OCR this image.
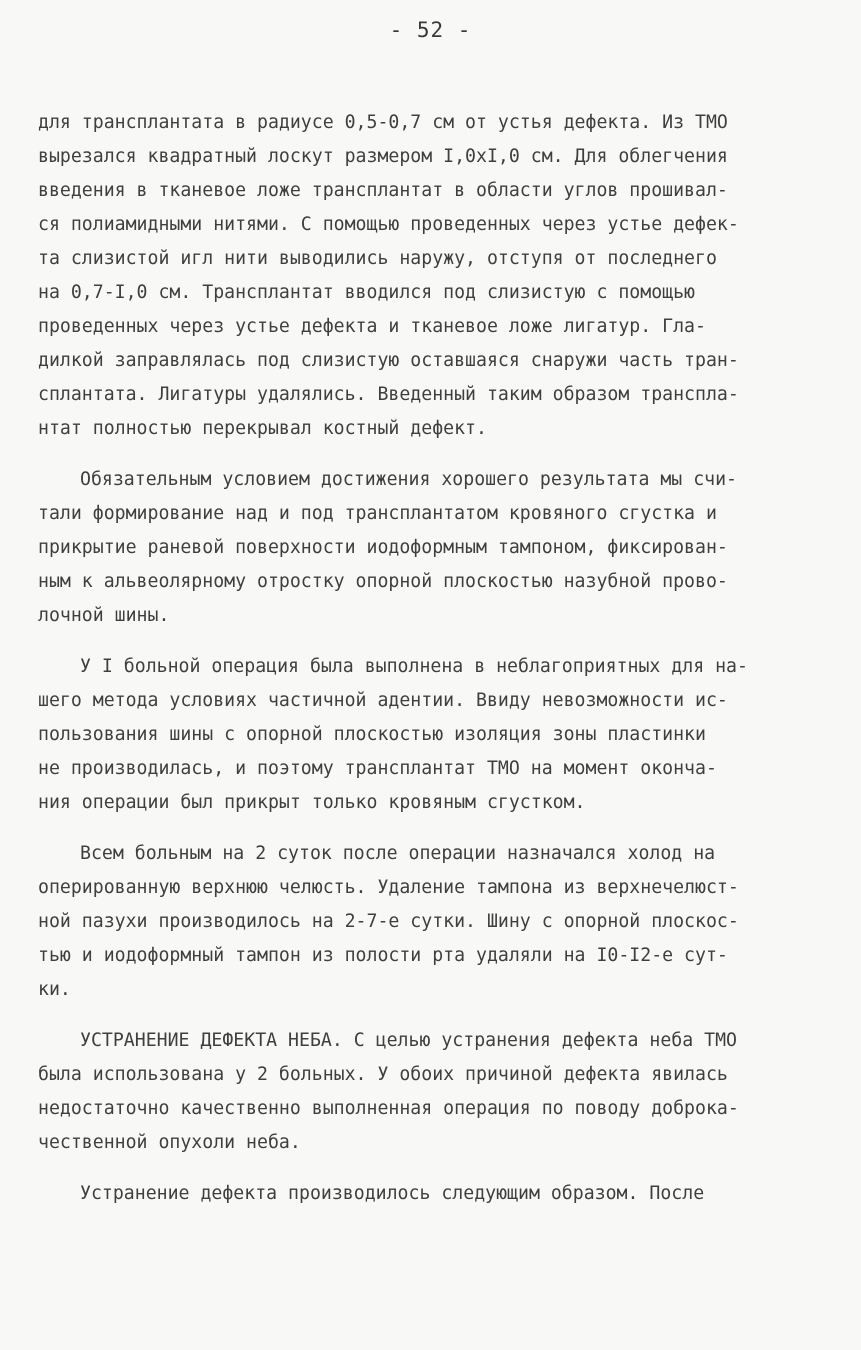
- 52 -
для трансплантата в радиусе 0,5-0,7 см от устья дефекта. Из ТМО
вырезался квадратный лоскут размером I,0xI,0 см. Для облегчения
введения в тканевое ложе трансплантат в области углов прошивал-
ся полиамидными нитями. С помощью проведенных через устье дефек-
та слизистой игл нити выводились наружу, отступя от последнего
на 0,7-I,0 см. Трансплантат вводился под слизистую с помощью
проведенных через устье дефекта и тканевое ложе лигатур. Гла-
дилкой заправлялась под слизистую оставшаяся снаружи часть тран-
сплантата. Лигатуры удалялись. Введенный таким образом транспла-
нтат полностью перекрывал костный дефект.
Обязательным условием достижения хорошего результата мы счи-
тали формирование над и под трансплантатом кровяного сгустка и
прикрытие раневой поверхности иодоформным тампоном, фиксирован-
ным к альвеолярному отростку опорной плоскостью назубной прово-
лочной шины.
У I больной операция была выполнена в неблагоприятных для на-
шего метода условиях частичной адентии. Ввиду невозможности ис-
пользования шины с опорной плоскостью изоляция зоны пластинки
не производилась, и поэтому трансплантат ТМО на момент оконча-
ния операции был прикрыт только кровяным сгустком.
Всем больным на 2 суток после операции назначался холод на
оперированную верхнюю челюсть. Удаление тампона из верхнечелюст-
ной пазухи производилось на 2-7-е сутки. Шину с опорной плоскос-
тью и иодоформный тампон из полости рта удаляли на I0-I2-е сут-
ки.
УСТРАНЕНИЕ ДЕФЕКТА НЕБА. С целью устранения дефекта неба ТМО
была использована у 2 больных. У обоих причиной дефекта явилась
недостаточно качественно выполненная операция по поводу доброка-
чественной опухоли неба.
Устранение дефекта производилось следующим образом. После
